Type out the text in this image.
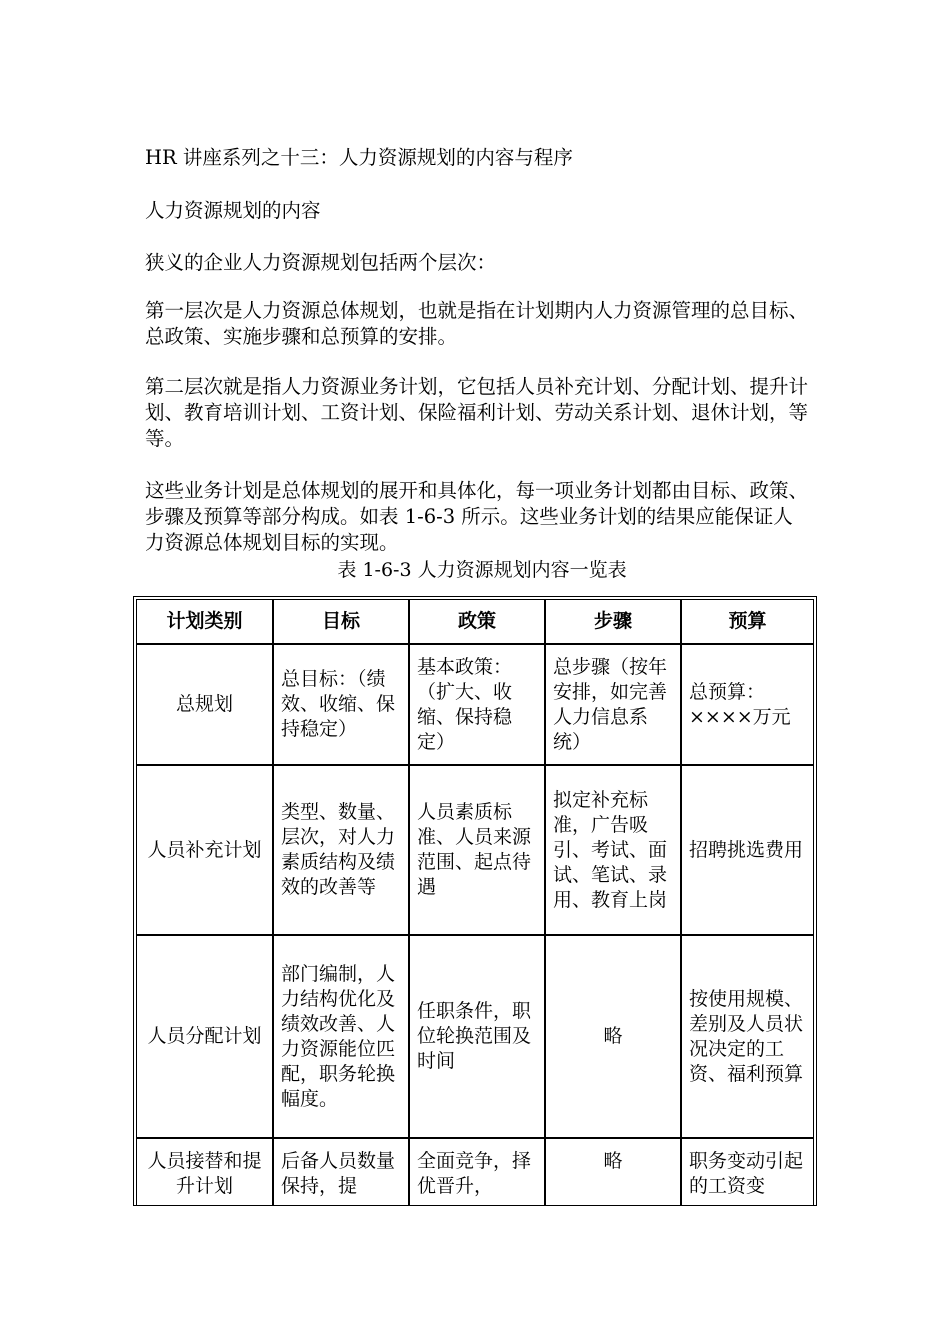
HR 讲座系列之十三：人力资源规划的内容与程序

人力资源规划的内容

狭义的企业人力资源规划包括两个层次：

第一层次是人力资源总体规划，也就是指在计划期内人力资源管理的总目标、总政策、实施步骤和总预算的安排。

第二层次就是指人力资源业务计划，它包括人员补充计划、分配计划、提升计划、教育培训计划、工资计划、保险福利计划、劳动关系计划、退休计划，等等。

这些业务计划是总体规划的展开和具体化，每一项业务计划都由目标、政策、步骤及预算等部分构成。如表 1-6-3 所示。这些业务计划的结果应能保证人力资源总体规划目标的实现。

表 1-6-3 人力资源规划内容一览表

计划类别	目标	政策	步骤	预算
总规划	总目标：（绩效、收缩、保持稳定）	基本政策：（扩大、收缩、保持稳定）	总步骤（按年安排，如完善人力信息系统）	总预算：××××万元
人员补充计划	类型、数量、层次，对人力素质结构及绩效的改善等	人员素质标准、人员来源范围、起点待遇	拟定补充标准，广告吸引、考试、面试、笔试、录用、教育上岗	招聘挑选费用
人员分配计划	部门编制，人力结构优化及绩效改善、人力资源能位匹配，职务轮换幅度。	任职条件，职位轮换范围及时间	略	按使用规模、差别及人员状况决定的工资、福利预算
人员接替和提升计划	后备人员数量保持，提	全面竞争，择优晋升，	略	职务变动引起的工资变
